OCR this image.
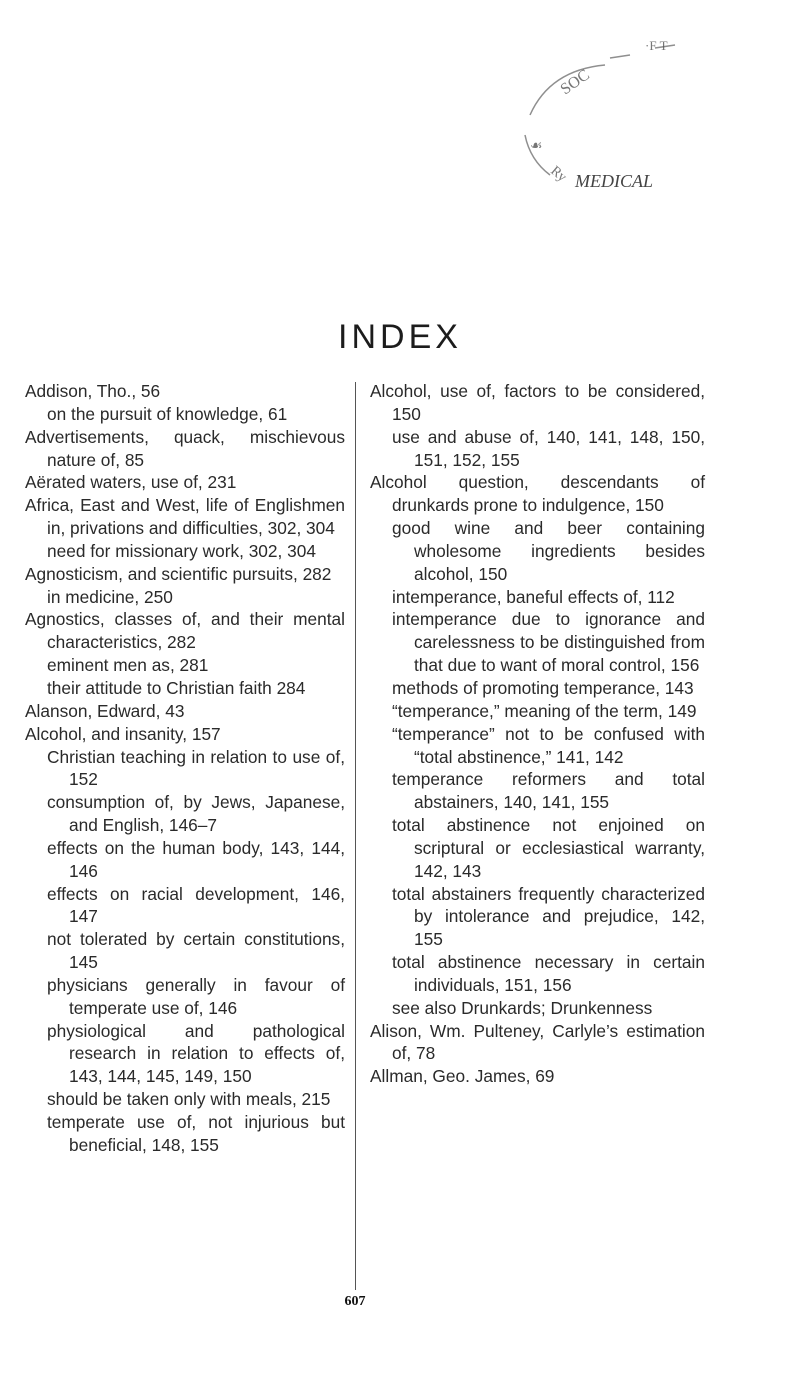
SOC
·F T
☙
Ry MEDICAL
INDEX
Addison, Tho., 56
on the pursuit of knowledge, 61
Advertisements, quack, mischievous nature of, 85
Aërated waters, use of, 231
Africa, East and West, life of Englishmen in, privations and difficulties, 302, 304
need for missionary work, 302, 304
Agnosticism, and scientific pursuits, 282
in medicine, 250
Agnostics, classes of, and their mental characteristics, 282
eminent men as, 281
their attitude to Christian faith 284
Alanson, Edward, 43
Alcohol, and insanity, 157
Christian teaching in relation to use of, 152
consumption of, by Jews, Japanese, and English, 146–7
effects on the human body, 143, 144, 146
effects on racial development, 146, 147
not tolerated by certain constitutions, 145
physicians generally in favour of temperate use of, 146
physiological and pathological research in relation to effects of, 143, 144, 145, 149, 150
should be taken only with meals, 215
temperate use of, not injurious but beneficial, 148, 155
Alcohol, use of, factors to be considered, 150
use and abuse of, 140, 141, 148, 150, 151, 152, 155
Alcohol question, descendants of drunkards prone to indulgence, 150
good wine and beer containing wholesome ingredients besides alcohol, 150
intemperance, baneful effects of, 112
intemperance due to ignorance and carelessness to be distinguished from that due to want of moral control, 156
methods of promoting temperance, 143
“temperance,” meaning of the term, 149
“temperance” not to be confused with “total abstinence,” 141, 142
temperance reformers and total abstainers, 140, 141, 155
total abstinence not enjoined on scriptural or ecclesiastical warranty, 142, 143
total abstainers frequently characterized by intolerance and prejudice, 142, 155
total abstinence necessary in certain individuals, 151, 156
see also Drunkards; Drunkenness
Alison, Wm. Pulteney, Carlyle’s estimation of, 78
Allman, Geo. James, 69
607
